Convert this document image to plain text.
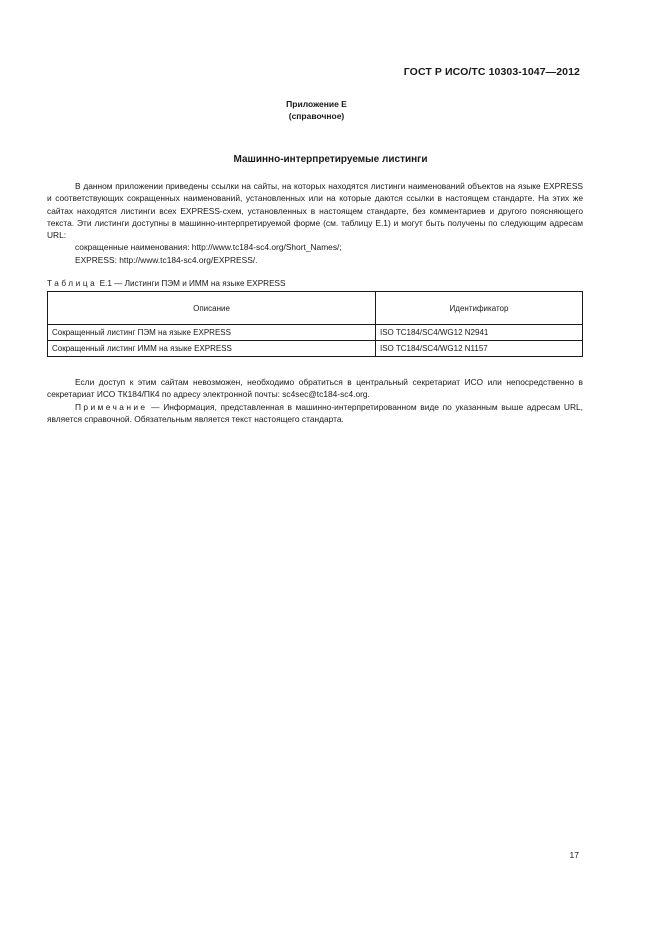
ГОСТ Р ИСО/ТС 10303-1047—2012
Приложение Е
(справочное)
Машинно-интерпретируемые листинги

В данном приложении приведены ссылки на сайты, на которых находятся листинги наименований объектов на языке EXPRESS и соответствующих сокращенных наименований, установленных или на которые даются ссылки в настоящем стандарте. На этих же сайтах находятся листинги всех EXPRESS-схем, установленных в настоящем стандарте, без комментариев и другого поясняющего текста. Эти листинги доступны в машинно-интерпретируемой форме (см. таблицу Е.1) и могут быть получены по следующим адресам URL:

сокращенные наименования: http://www.tc184-sc4.org/Short_Names/;

EXPRESS: http://www.tc184-sc4.org/EXPRESS/.

Таблица Е.1 — Листинги ПЭМ и ИММ на языке EXPRESS
Описание	Идентификатор
Сокращенный листинг ПЭМ на языке EXPRESS	ISO TC184/SC4/WG12 N2941
Сокращенный листинг ИММ на языке EXPRESS	ISO TC184/SC4/WG12 N1157

Если доступ к этим сайтам невозможен, необходимо обратиться в центральный секретариат ИСО или непосредственно в секретариат ИСО ТК184/ПК4 по адресу электронной почты: sc4sec@tc184-sc4.org.

Примечание — Информация, представленная в машинно-интерпретированном виде по указанным выше адресам URL, является справочной. Обязательным является текст настоящего стандарта.

17
